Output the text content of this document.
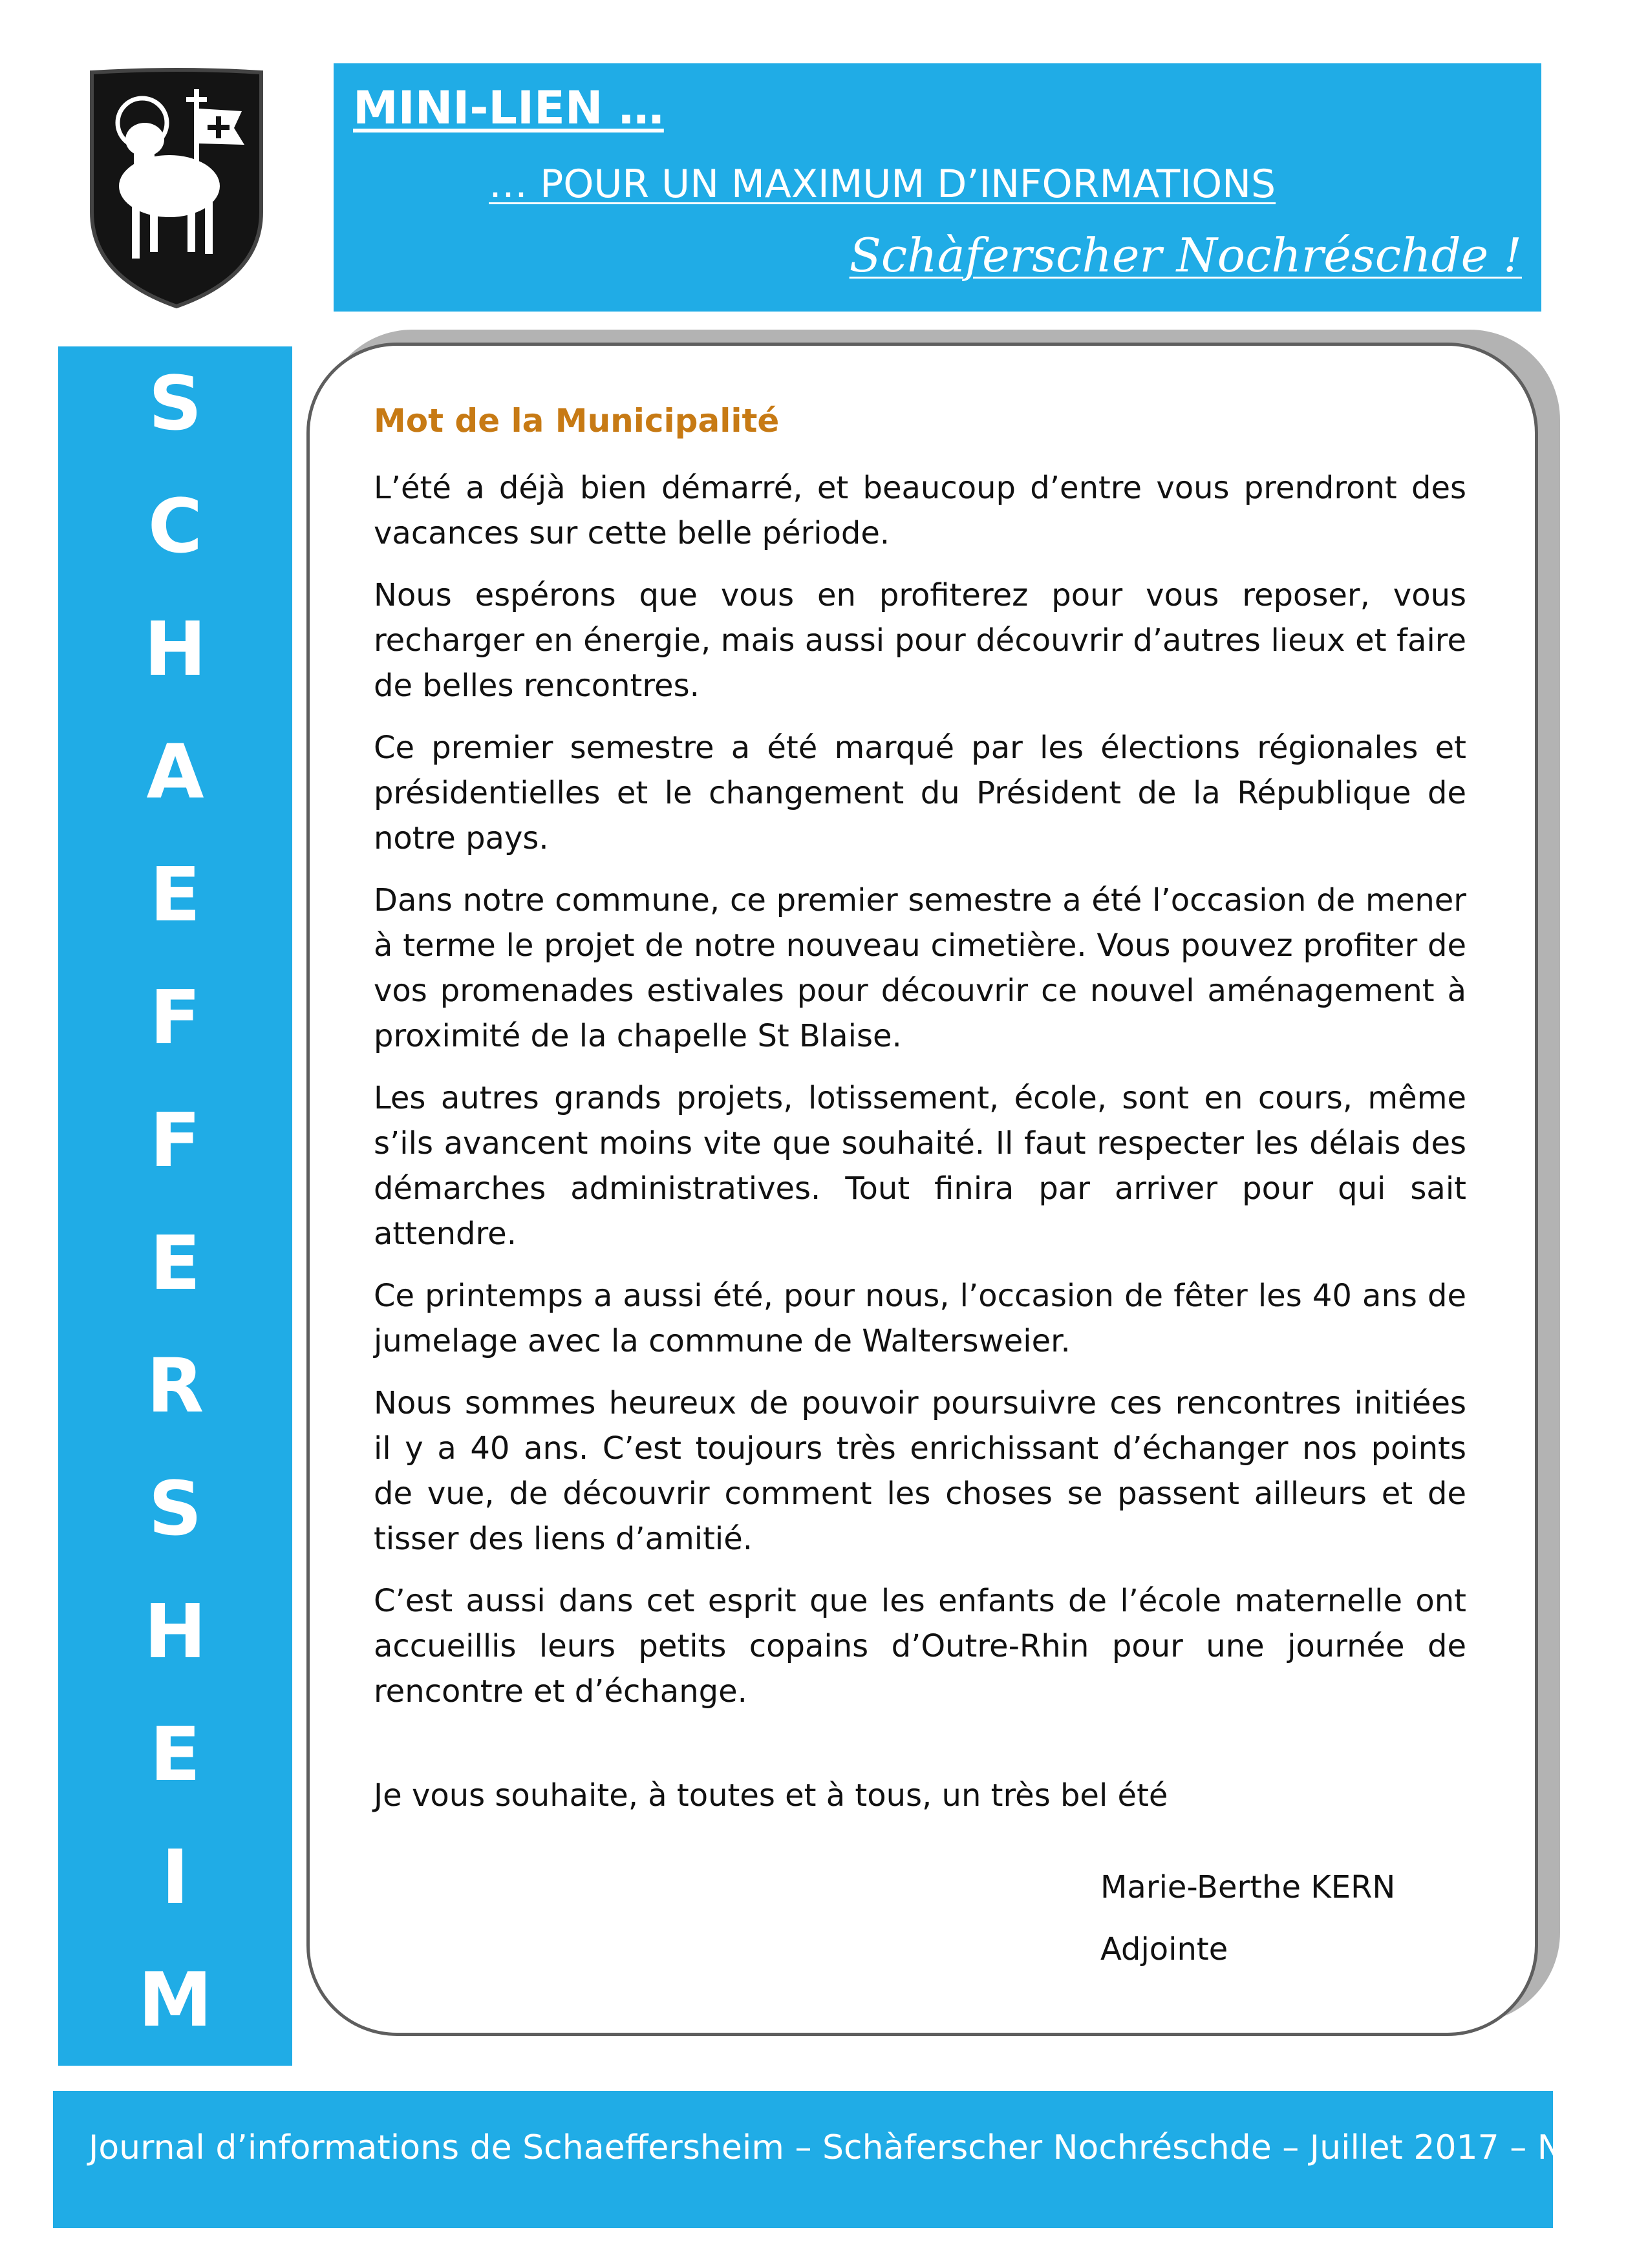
MINI-LIEN …
… POUR UN MAXIMUM D’INFORMATIONS
Schàferscher Nochréschde !
S
C
H
A
E
F
F
E
R
S
H
E
I
M
Mot de la Municipalité

L’été a déjà bien démarré, et beaucoup d’entre vous prendront des vacances sur cette belle période.

Nous espérons que vous en profiterez pour vous reposer, vous recharger en énergie, mais aussi pour découvrir d’autres lieux et faire de belles rencontres.

Ce premier semestre a été marqué par les élections régionales et présidentielles et le changement du Président de la République de notre pays.

Dans notre commune, ce premier semestre a été l’occasion de mener à terme le projet de notre nouveau cimetière. Vous pouvez profiter de vos promenades estivales pour découvrir ce nouvel aménagement à proximité de la chapelle St Blaise.

Les autres grands projets, lotissement, école, sont en cours, même s’ils avancent moins vite que souhaité. Il faut respecter les délais des démarches administratives. Tout finira par arriver pour qui sait attendre.

Ce printemps a aussi été, pour nous, l’occasion de fêter les 40 ans de jumelage avec la commune de Waltersweier.

Nous sommes heureux de pouvoir poursuivre ces rencontres initiées il y a 40 ans. C’est toujours très enrichissant d’échanger nos points de vue, de découvrir comment les choses se passent ailleurs et de tisser des liens d’amitié.

C’est aussi dans cet esprit que les enfants de l’école maternelle ont accueillis leurs petits copains d’Outre-Rhin pour une journée de rencontre et d’échange.

Je vous souhaite, à toutes et à tous, un très bel été
Marie-Berthe KERN
Adjointe
Journal d’informations de Schaeffersheim – Schàferscher Nochréschde – Juillet 2017 – N° 89
